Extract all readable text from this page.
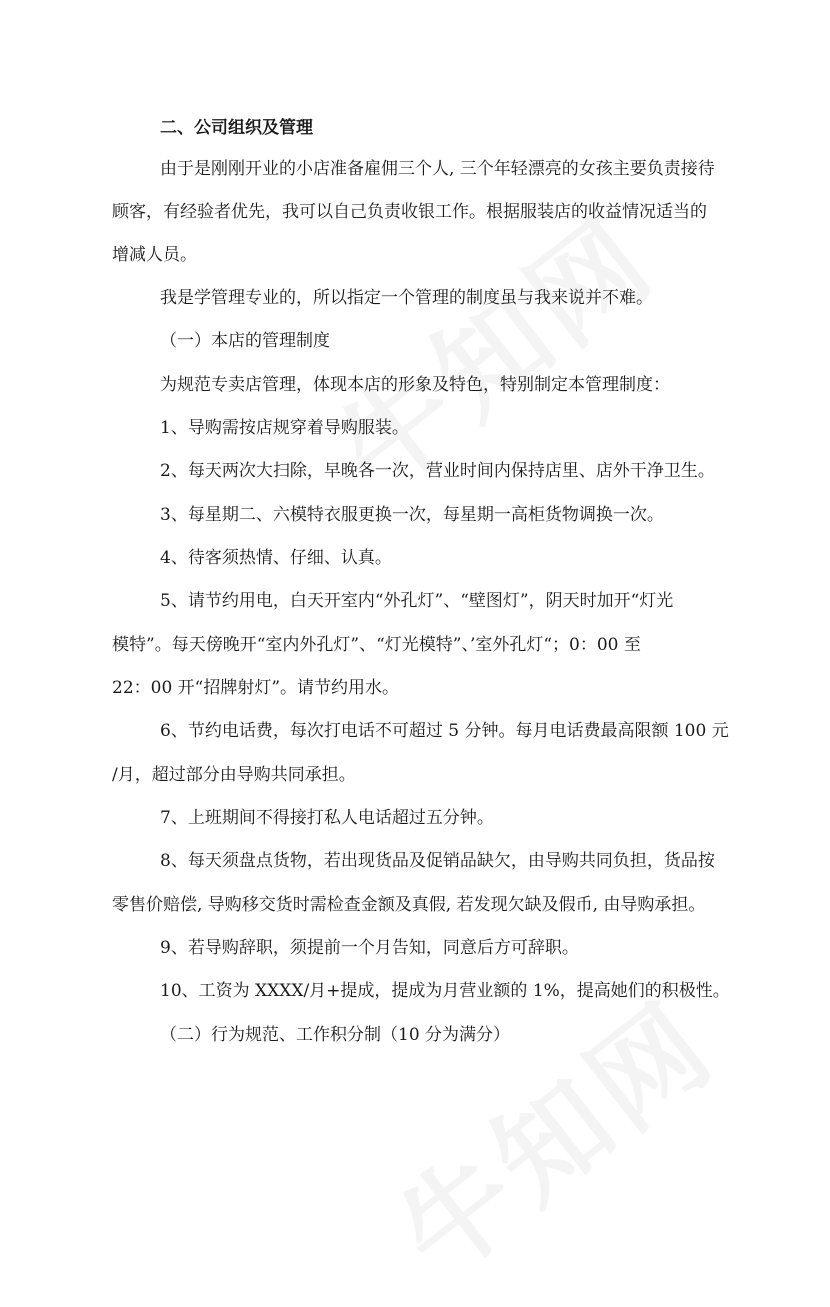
二、公司组织及管理
由于是刚刚开业的小店准备雇佣三个人, 三个年轻漂亮的女孩主要负责接待
顾客，有经验者优先，我可以自己负责收银工作。根据服装店的收益情况适当的
增减人员。
我是学管理专业的，所以指定一个管理的制度虽与我来说并不难。
（一）本店的管理制度
为规范专卖店管理，体现本店的形象及特色，特别制定本管理制度：
1、导购需按店规穿着导购服装。
2、每天两次大扫除，早晚各一次，营业时间内保持店里、店外干净卫生。
3、每星期二、六模特衣服更换一次，每星期一高柜货物调换一次。
4、待客须热情、仔细、认真。
5、请节约用电，白天开室内“外孔灯”、“壁图灯”，阴天时加开“灯光
模特”。每天傍晚开“室内外孔灯”、“灯光模特”、’室外孔灯“；0：00 至
22：00 开“招牌射灯”。请节约用水。
6、节约电话费，每次打电话不可超过 5 分钟。每月电话费最高限额 100 元
/月，超过部分由导购共同承担。
7、上班期间不得接打私人电话超过五分钟。
8、每天须盘点货物，若出现货品及促销品缺欠，由导购共同负担，货品按
零售价赔偿, 导购移交货时需检查金额及真假, 若发现欠缺及假币, 由导购承担。
9、若导购辞职，须提前一个月告知，同意后方可辞职。
10、工资为 XXXX/月+提成，提成为月营业额的 1%，提高她们的积极性。
（二）行为规范、工作积分制（10 分为满分）
